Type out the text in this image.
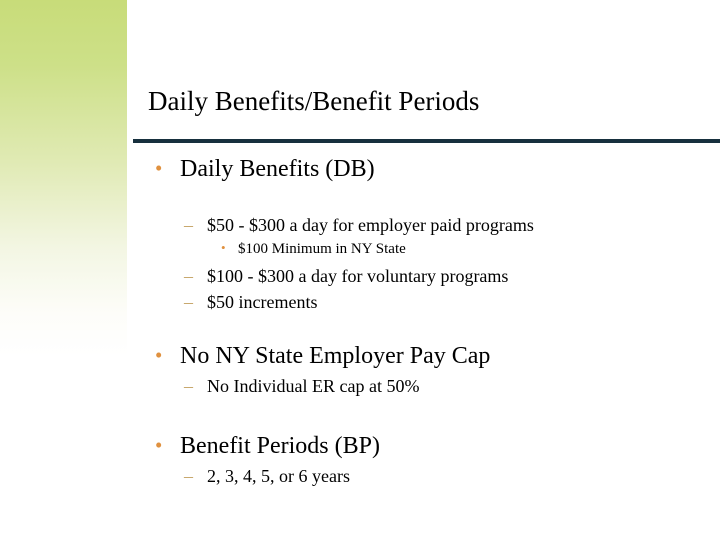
Daily Benefits/Benefit Periods
• Daily Benefits (DB)
– $50 - $300 a day for employer paid programs
• $100 Minimum in NY State
– $100 - $300 a day for voluntary programs
– $50 increments
• No NY State Employer Pay Cap
– No Individual ER cap at 50%
• Benefit Periods (BP)
– 2, 3, 4, 5, or 6 years
